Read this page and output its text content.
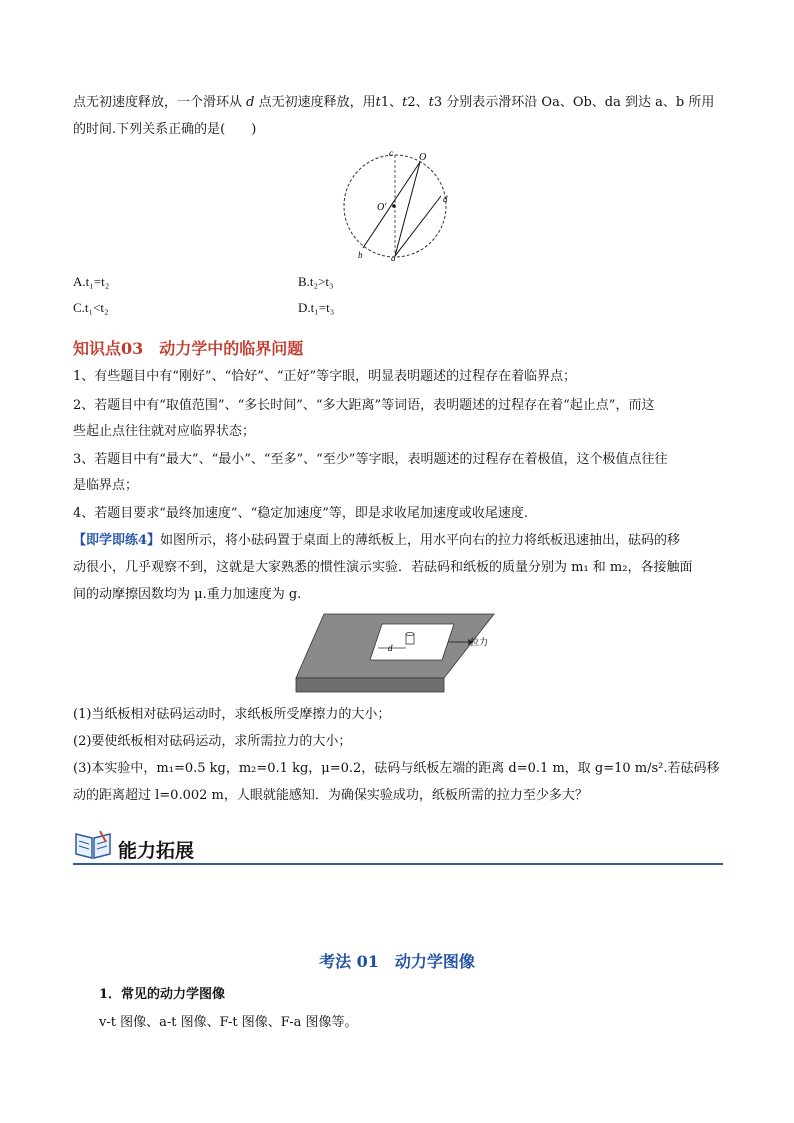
点无初速度释放，一个滑环从 d 点无初速度释放，用t1、t2、t3 分别表示滑环沿 Oa、Ob、da 到达 a、b 所用
的时间.下列关系正确的是(　　)
c	O
O′
d
b	a
A.t₁=t₂	B.t₂>t₃
C.t₁<t₂	D.t₁=t₃
知识点03　动力学中的临界问题
1、有些题目中有“刚好”、“恰好”、“正好”等字眼，明显表明题述的过程存在着临界点；
2、若题目中有“取值范围”、“多长时间”、“多大距离”等词语，表明题述的过程存在着“起止点”，而这
些起止点往往就对应临界状态；
3、若题目中有“最大”、“最小”、“至多”、“至少”等字眼，表明题述的过程存在着极值，这个极值点往往
是临界点；
4、若题目要求“最终加速度”、“稳定加速度”等，即是求收尾加速度或收尾速度.
【即学即练4】如图所示，将小砝码置于桌面上的薄纸板上，用水平向右的拉力将纸板迅速抽出，砝码的移
动很小，几乎观察不到，这就是大家熟悉的惯性演示实验．若砝码和纸板的质量分别为 m₁ 和 m₂，各接触面
间的动摩擦因数均为 μ.重力加速度为 g.
d	拉力
(1)当纸板相对砝码运动时，求纸板所受摩擦力的大小；
(2)要使纸板相对砝码运动，求所需拉力的大小；
(3)本实验中，m₁=0.5 kg，m₂=0.1 kg，μ=0.2，砝码与纸板左端的距离 d=0.1 m，取 g=10 m/s².若砝码移
动的距离超过 l=0.002 m，人眼就能感知．为确保实验成功，纸板所需的拉力至少多大？
能力拓展
考法 01　动力学图像
1．常见的动力学图像
v-t 图像、a-t 图像、F-t 图像、F-a 图像等。
